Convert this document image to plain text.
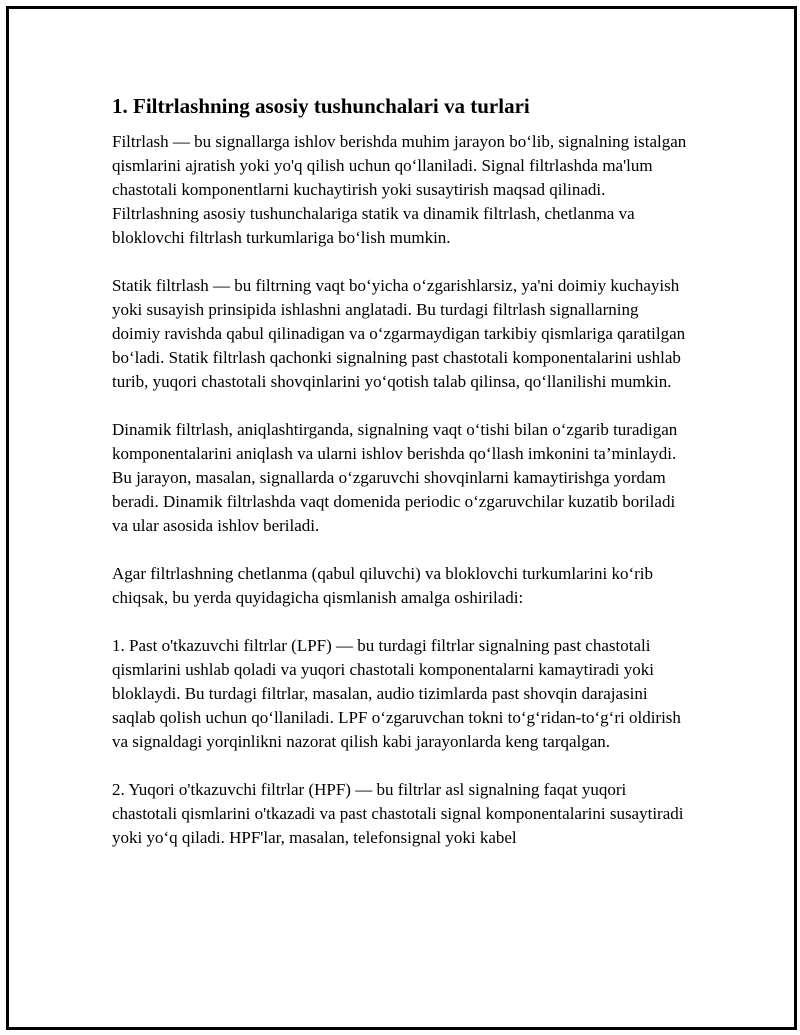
1. Filtrlashning asosiy tushunchalari va turlari

Filtrlash — bu signallarga ishlov berishda muhim jarayon bo‘lib, signalning istalgan qismlarini ajratish yoki yo'q qilish uchun qo‘llaniladi. Signal filtrlashda ma'lum chastotali komponentlarni kuchaytirish yoki susaytirish maqsad qilinadi. Filtrlashning asosiy tushunchalariga statik va dinamik filtrlash, chetlanma va bloklovchi filtrlash turkumlariga bo‘lish mumkin.

Statik filtrlash — bu filtrning vaqt bo‘yicha o‘zgarishlarsiz, ya'ni doimiy kuchayish yoki susayish prinsipida ishlashni anglatadi. Bu turdagi filtrlash signallarning doimiy ravishda qabul qilinadigan va o‘zgarmaydigan tarkibiy qismlariga qaratilgan bo‘ladi. Statik filtrlash qachonki signalning past chastotali komponentalarini ushlab turib, yuqori chastotali shovqinlarini yo‘qotish talab qilinsa, qo‘llanilishi mumkin.

Dinamik filtrlash, aniqlashtirganda, signalning vaqt o‘tishi bilan o‘zgarib turadigan komponentalarini aniqlash va ularni ishlov berishda qo‘llash imkonini ta’minlaydi. Bu jarayon, masalan, signallarda o‘zgaruvchi shovqinlarni kamaytirishga yordam beradi. Dinamik filtrlashda vaqt domenida periodic o‘zgaruvchilar kuzatib boriladi va ular asosida ishlov beriladi.

Agar filtrlashning chetlanma (qabul qiluvchi) va bloklovchi turkumlarini ko‘rib chiqsak, bu yerda quyidagicha qismlanish amalga oshiriladi:

1. Past o'tkazuvchi filtrlar (LPF) — bu turdagi filtrlar signalning past chastotali qismlarini ushlab qoladi va yuqori chastotali komponentalarni kamaytiradi yoki bloklaydi. Bu turdagi filtrlar, masalan, audio tizimlarda past shovqin darajasini saqlab qolish uchun qo‘llaniladi. LPF o‘zgaruvchan tokni to‘g‘ridan-to‘g‘ri oldirish va signaldagi yorqinlikni nazorat qilish kabi jarayonlarda keng tarqalgan.

2. Yuqori o'tkazuvchi filtrlar (HPF) — bu filtrlar asl signalning faqat yuqori chastotali qismlarini o'tkazadi va past chastotali signal komponentalarini susaytiradi yoki yo‘q qiladi. HPF'lar, masalan, telefonsignal yoki kabel
